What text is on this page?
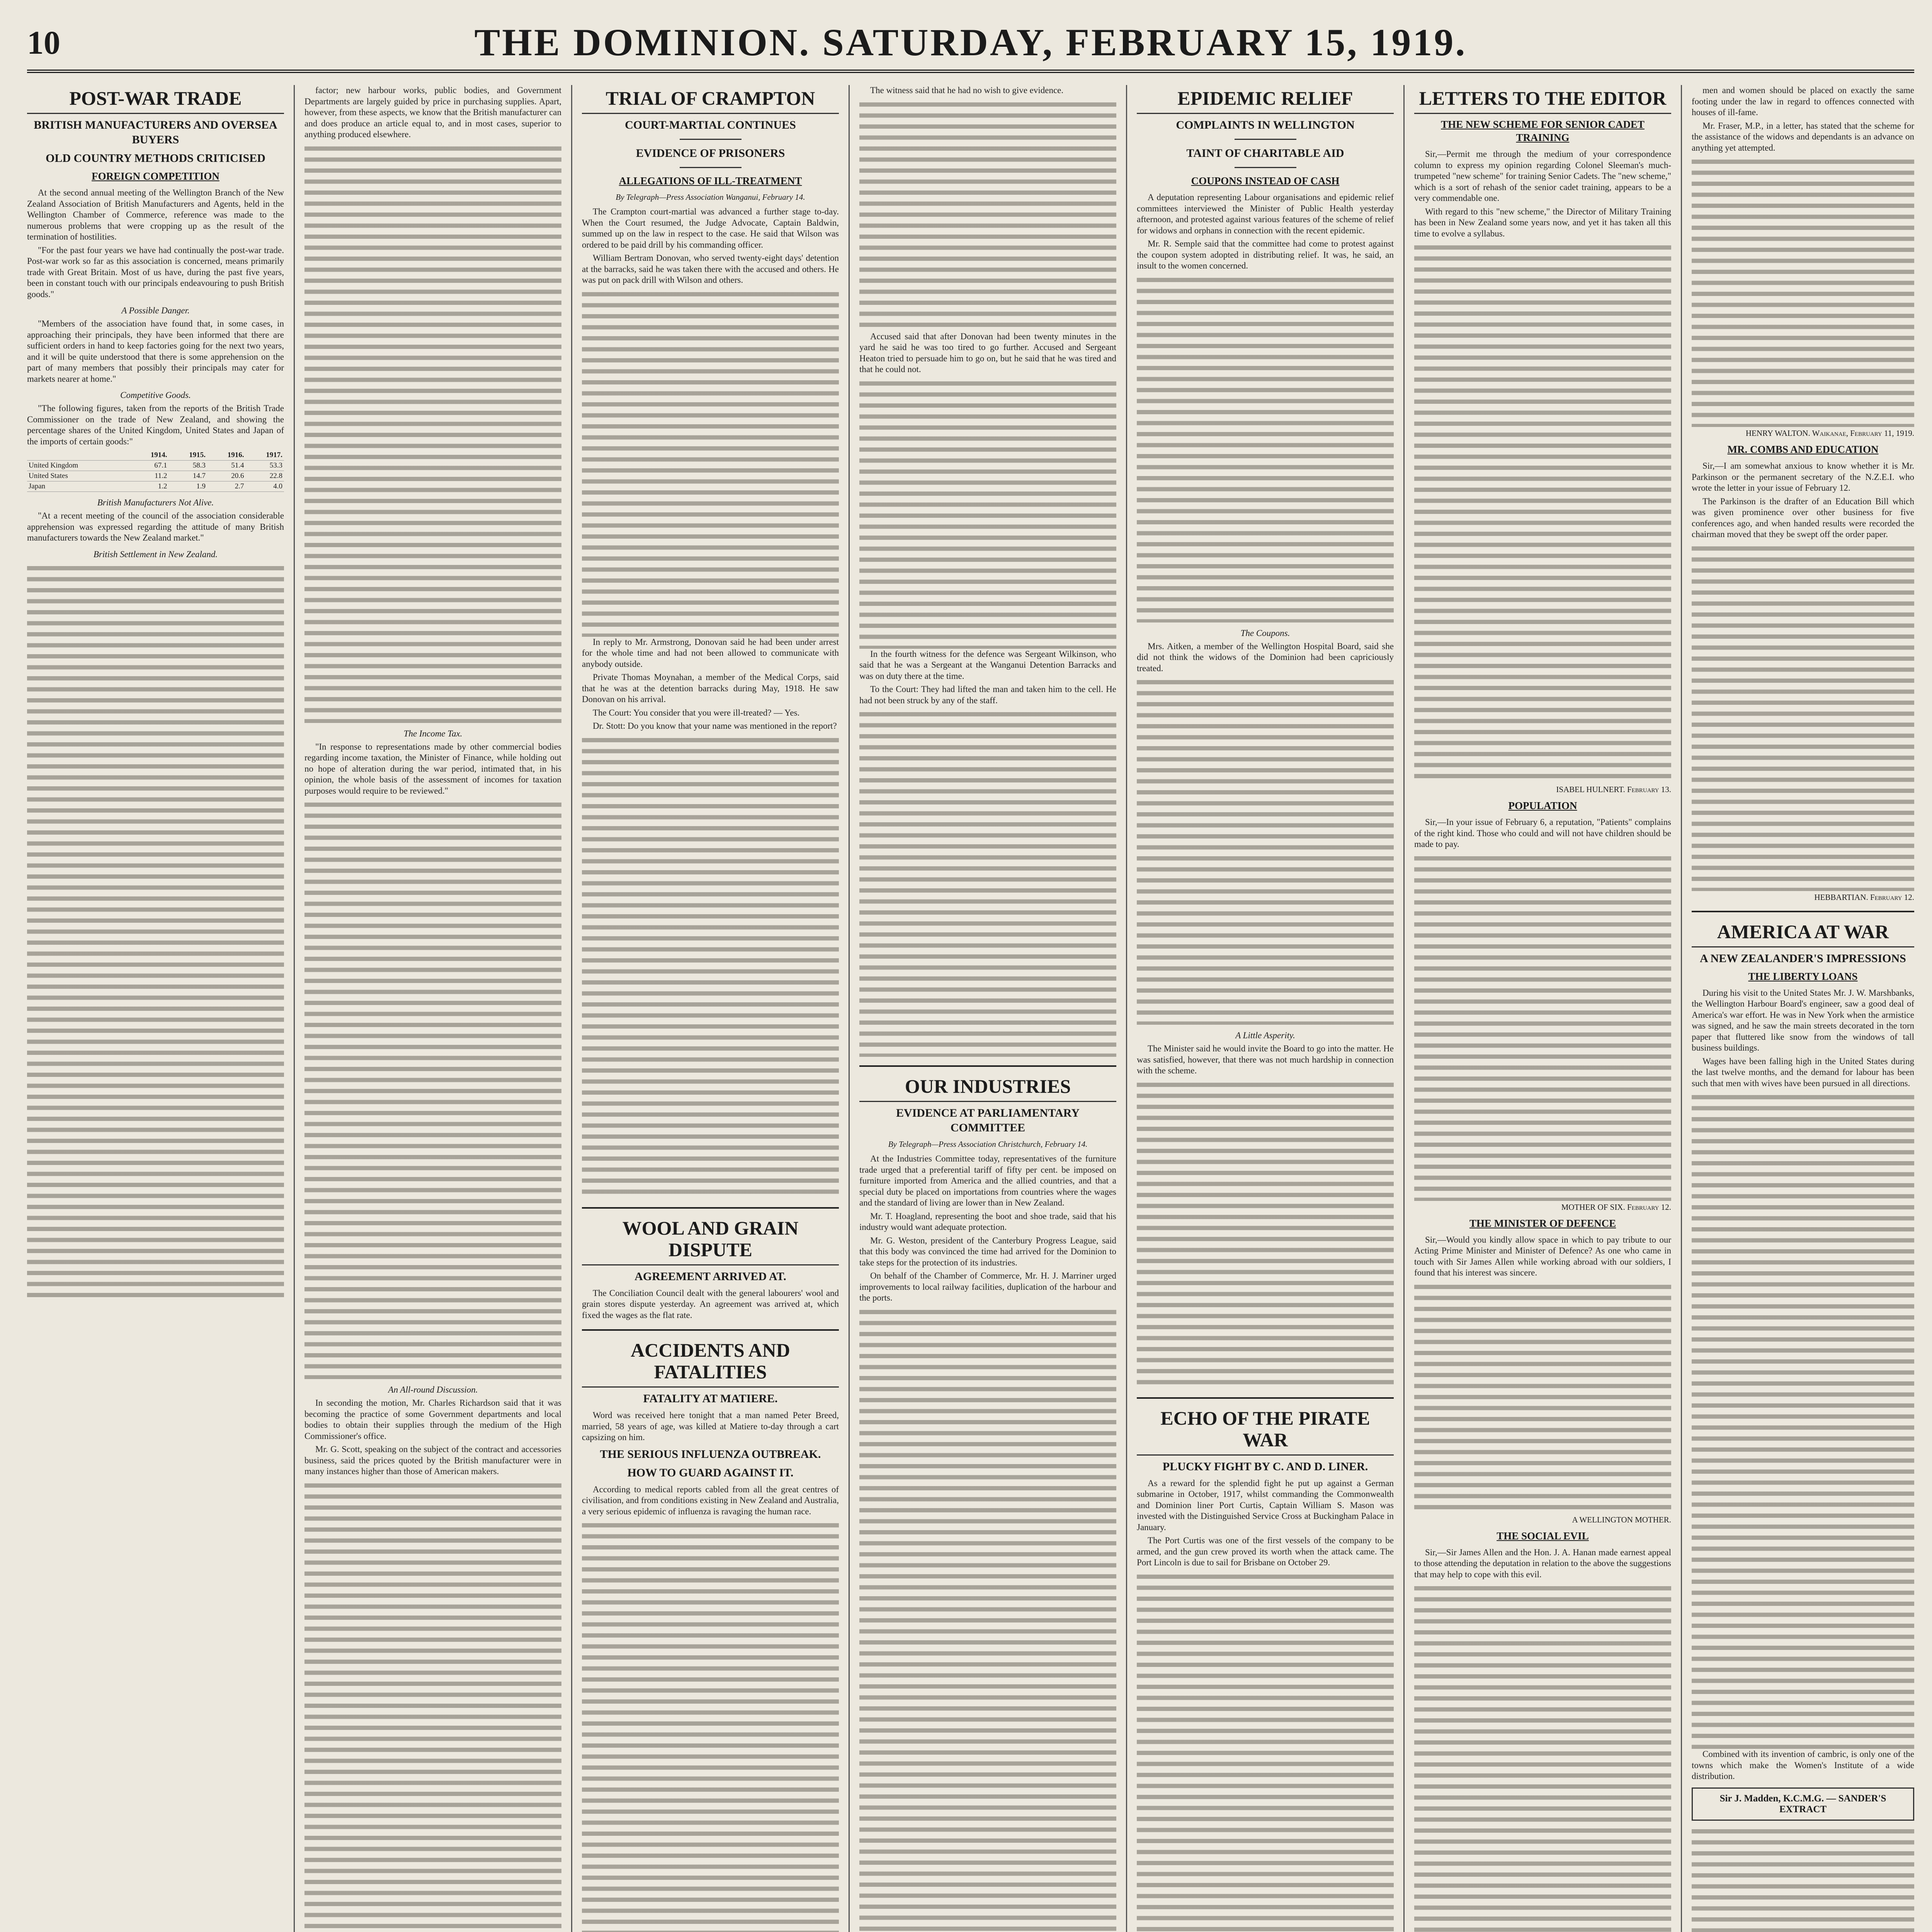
10	THE DOMINION. SATURDAY, FEBRUARY 15, 1919.
POST-WAR TRADE
BRITISH MANUFACTURERS AND OVERSEA BUYERS
OLD COUNTRY METHODS CRITICISED
FOREIGN COMPETITION

At the second annual meeting of the Wellington Branch of the New Zealand Association of British Manufacturers and Agents, held in the Wellington Chamber of Commerce, reference was made to the numerous problems that were cropping up as the result of the termination of hostilities.

"For the past four years we have had continually the post-war trade. Post-war work so far as this association is concerned, means primarily trade with Great Britain. Most of us have, during the past five years, been in constant touch with our principals endeavouring to push British goods."

A Possible Danger.

"Members of the association have found that, in some cases, in approaching their principals, they have been informed that there are sufficient orders in hand to keep factories going for the next two years, and it will be quite understood that there is some apprehension on the part of many members that possibly their principals may cater for markets nearer at home."

Competitive Goods.

"The following figures, taken from the reports of the British Trade Commissioner on the trade of New Zealand, and showing the percentage shares of the United Kingdom, United States and Japan of the imports of certain goods:"

	1914.	1915.	1916.	1917.
United Kingdom	67.1	58.3	51.4	53.3
United States	11.2	14.7	20.6	22.8
Japan	1.2	1.9	2.7	4.0
British Manufacturers Not Alive.

"At a recent meeting of the council of the association considerable apprehension was expressed regarding the attitude of many British manufacturers towards the New Zealand market."

British Settlement in New Zealand.

factor; new harbour works, public bodies, and Government Departments are largely guided by price in purchasing supplies. Apart, however, from these aspects, we know that the British manufacturer can and does produce an article equal to, and in most cases, superior to anything produced elsewhere.

The Income Tax.

"In response to representations made by other commercial bodies regarding income taxation, the Minister of Finance, while holding out no hope of alteration during the war period, intimated that, in his opinion, the whole basis of the assessment of incomes for taxation purposes would require to be reviewed."

An All-round Discussion.

In seconding the motion, Mr. Charles Richardson said that it was becoming the practice of some Government departments and local bodies to obtain their supplies through the medium of the High Commissioner's office.

Mr. G. Scott, speaking on the subject of the contract and accessories business, said the prices quoted by the British manufacturer were in many instances higher than those of American makers.

TRIAL OF CRAMPTON
COURT-MARTIAL CONTINUES
EVIDENCE OF PRISONERS
ALLEGATIONS OF ILL-TREATMENT
By Telegraph—Press Association Wanganui, February 14.

The Crampton court-martial was advanced a further stage to-day. When the Court resumed, the Judge Advocate, Captain Baldwin, summed up on the law in respect to the case. He said that Wilson was ordered to be paid drill by his commanding officer.

William Bertram Donovan, who served twenty-eight days' detention at the barracks, said he was taken there with the accused and others. He was put on pack drill with Wilson and others.

In reply to Mr. Armstrong, Donovan said he had been under arrest for the whole time and had not been allowed to communicate with anybody outside.

Private Thomas Moynahan, a member of the Medical Corps, said that he was at the detention barracks during May, 1918. He saw Donovan on his arrival.

The Court: You consider that you were ill-treated? — Yes.

Dr. Stott: Do you know that your name was mentioned in the report?

WOOL AND GRAIN DISPUTE
AGREEMENT ARRIVED AT.

The Conciliation Council dealt with the general labourers' wool and grain stores dispute yesterday. An agreement was arrived at, which fixed the wages as the flat rate.

ACCIDENTS AND FATALITIES
FATALITY AT MATIERE.

Word was received here tonight that a man named Peter Breed, married, 58 years of age, was killed at Matiere to-day through a cart capsizing on him.

THE SERIOUS INFLUENZA OUTBREAK.
HOW TO GUARD AGAINST IT.

According to medical reports cabled from all the great centres of civilisation, and from conditions existing in New Zealand and Australia, a very serious epidemic of influenza is ravaging the human race.

The witness said that he had no wish to give evidence.

Accused said that after Donovan had been twenty minutes in the yard he said he was too tired to go further. Accused and Sergeant Heaton tried to persuade him to go on, but he said that he was tired and that he could not.

In the fourth witness for the defence was Sergeant Wilkinson, who said that he was a Sergeant at the Wanganui Detention Barracks and was on duty there at the time.

To the Court: They had lifted the man and taken him to the cell. He had not been struck by any of the staff.

OUR INDUSTRIES
EVIDENCE AT PARLIAMENTARY COMMITTEE
By Telegraph—Press Association Christchurch, February 14.

At the Industries Committee today, representatives of the furniture trade urged that a preferential tariff of fifty per cent. be imposed on furniture imported from America and the allied countries, and that a special duty be placed on importations from countries where the wages and the standard of living are lower than in New Zealand.

Mr. T. Hoagland, representing the boot and shoe trade, said that his industry would want adequate protection.

Mr. G. Weston, president of the Canterbury Progress League, said that this body was convinced the time had arrived for the Dominion to take steps for the protection of its industries.

On behalf of the Chamber of Commerce, Mr. H. J. Marriner urged improvements to local railway facilities, duplication of the harbour and the ports.

EPIDEMIC RELIEF
COMPLAINTS IN WELLINGTON
TAINT OF CHARITABLE AID
COUPONS INSTEAD OF CASH

A deputation representing Labour organisations and epidemic relief committees interviewed the Minister of Public Health yesterday afternoon, and protested against various features of the scheme of relief for widows and orphans in connection with the recent epidemic.

Mr. R. Semple said that the committee had come to protest against the coupon system adopted in distributing relief. It was, he said, an insult to the women concerned.

The Coupons.

Mrs. Aitken, a member of the Wellington Hospital Board, said she did not think the widows of the Dominion had been capriciously treated.

A Little Asperity.

The Minister said he would invite the Board to go into the matter. He was satisfied, however, that there was not much hardship in connection with the scheme.

ECHO OF THE PIRATE WAR
PLUCKY FIGHT BY C. AND D. LINER.

As a reward for the splendid fight he put up against a German submarine in October, 1917, whilst commanding the Commonwealth and Dominion liner Port Curtis, Captain William S. Mason was invested with the Distinguished Service Cross at Buckingham Palace in January.

The Port Curtis was one of the first vessels of the company to be armed, and the gun crew proved its worth when the attack came. The Port Lincoln is due to sail for Brisbane on October 29.

LETTERS TO THE EDITOR
THE NEW SCHEME FOR SENIOR CADET TRAINING

Sir,—Permit me through the medium of your correspondence column to express my opinion regarding Colonel Sleeman's much-trumpeted "new scheme" for training Senior Cadets. The "new scheme," which is a sort of rehash of the senior cadet training, appears to be a very commendable one.

With regard to this "new scheme," the Director of Military Training has been in New Zealand some years now, and yet it has taken all this time to evolve a syllabus.

ISABEL HULNERT. February 13.
POPULATION

Sir,—In your issue of February 6, a reputation, "Patients" complains of the right kind. Those who could and will not have children should be made to pay.

MOTHER OF SIX. February 12.
THE MINISTER OF DEFENCE

Sir,—Would you kindly allow space in which to pay tribute to our Acting Prime Minister and Minister of Defence? As one who came in touch with Sir James Allen while working abroad with our soldiers, I found that his interest was sincere.

A WELLINGTON MOTHER.
THE SOCIAL EVIL

Sir,—Sir James Allen and the Hon. J. A. Hanan made earnest appeal to those attending the deputation in relation to the above the suggestions that may help to cope with this evil.

men and women should be placed on exactly the same footing under the law in regard to offences connected with houses of ill-fame.

Mr. Fraser, M.P., in a letter, has stated that the scheme for the assistance of the widows and dependants is an advance on anything yet attempted.

HENRY WALTON. Waikanae, February 11, 1919.
MR. COMBS AND EDUCATION

Sir,—I am somewhat anxious to know whether it is Mr. Parkinson or the permanent secretary of the N.Z.E.I. who wrote the letter in your issue of February 12.

The Parkinson is the drafter of an Education Bill which was given prominence over other business for five conferences ago, and when handed results were recorded the chairman moved that they be swept off the order paper.

HEBBARTIAN. February 12.
AMERICA AT WAR
A NEW ZEALANDER'S IMPRESSIONS
THE LIBERTY LOANS

During his visit to the United States Mr. J. W. Marshbanks, the Wellington Harbour Board's engineer, saw a good deal of America's war effort. He was in New York when the armistice was signed, and he saw the main streets decorated in the torn paper that fluttered like snow from the windows of tall business buildings.

Wages have been falling high in the United States during the last twelve months, and the demand for labour has been such that men with wives have been pursued in all directions.

Combined with its invention of cambric, is only one of the towns which make the Women's Institute of a wide distribution.

Sir J. Madden, K.C.M.G. — SANDER'S EXTRACT
